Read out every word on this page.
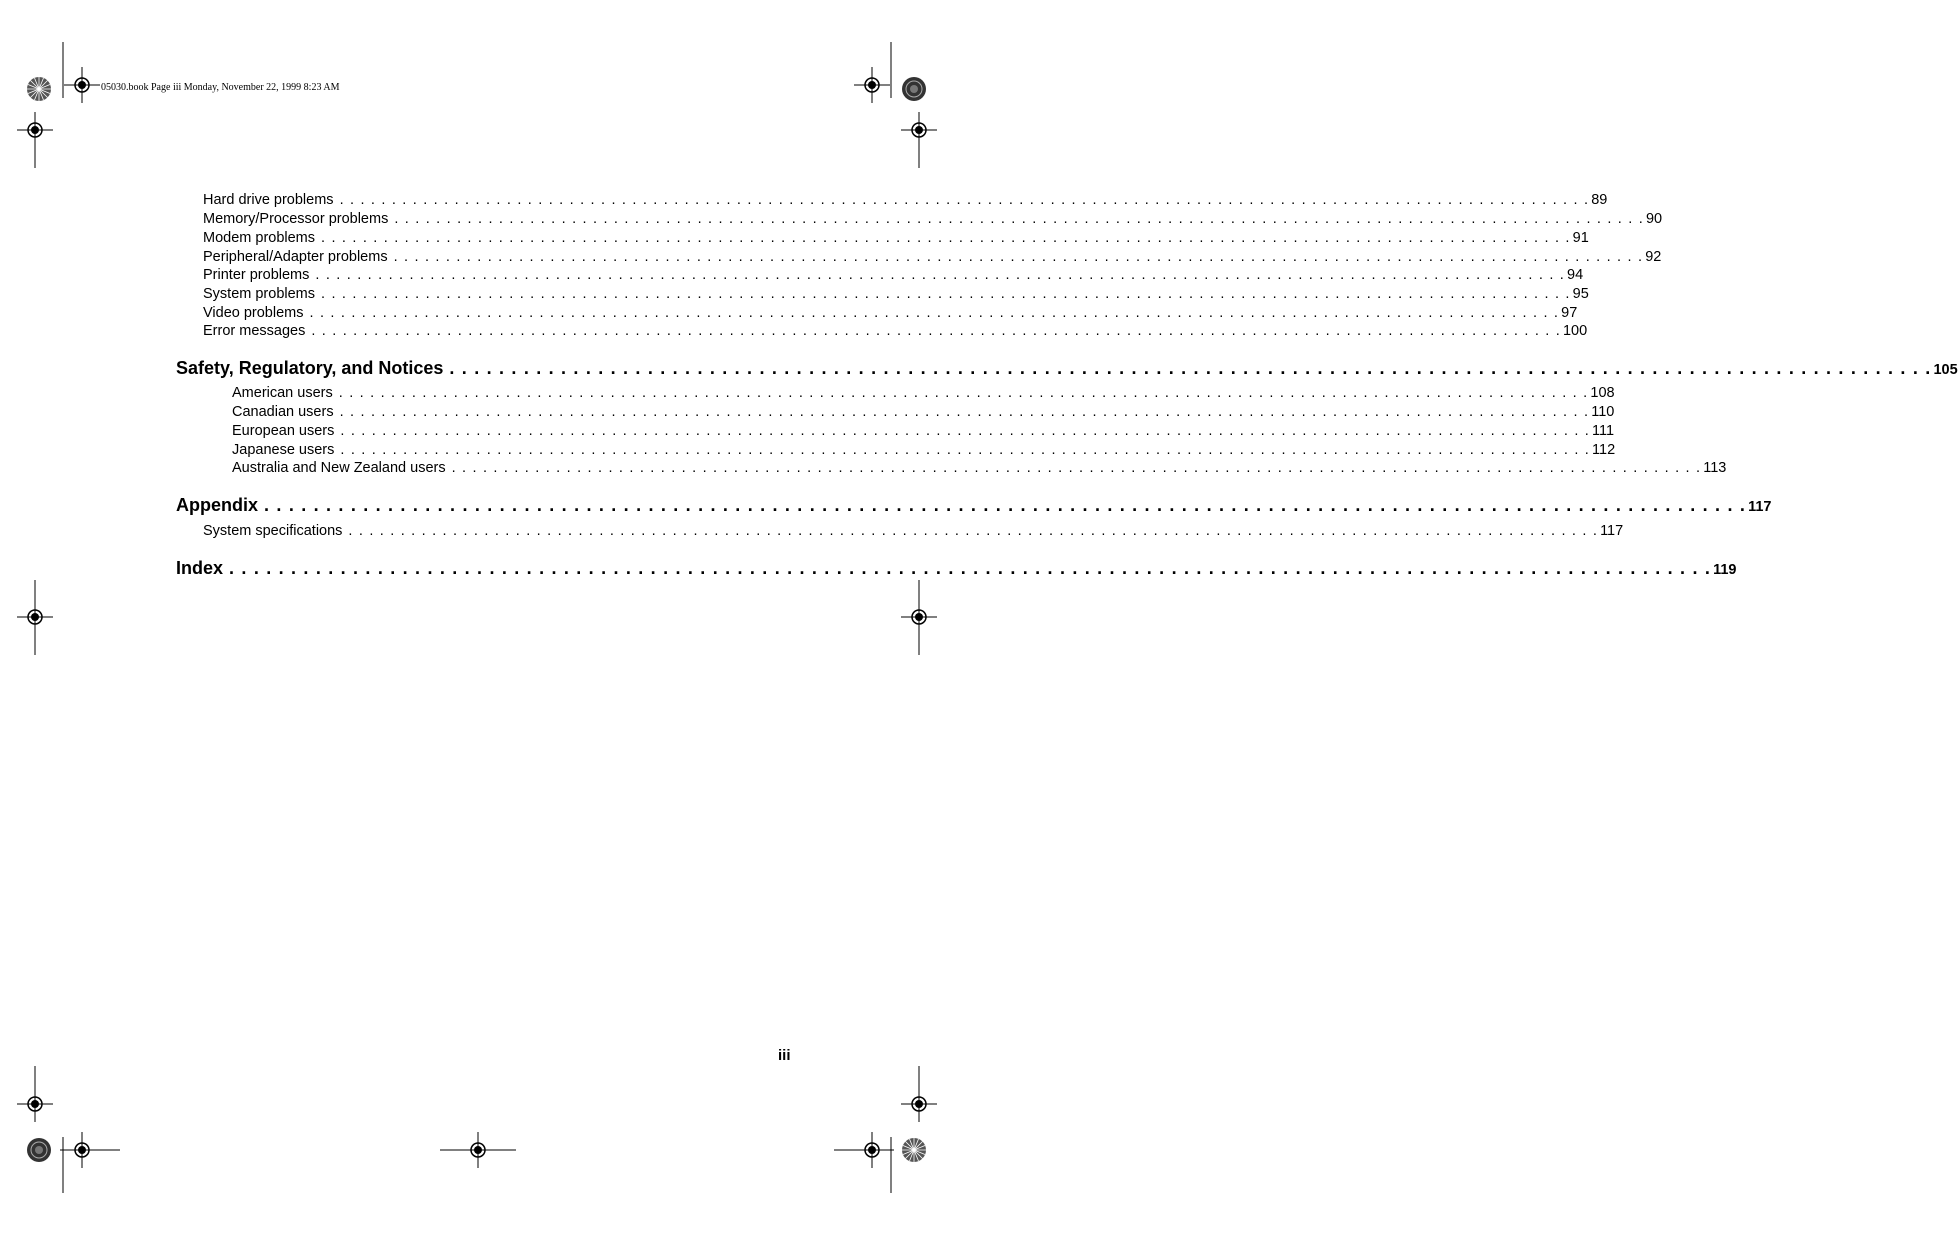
05030.book Page iii Monday, November 22, 1999 8:23 AM
Hard drive problems . . . . . . . . . . . . . . . . . . . . . . . . . . . . . . . . . . . . . . . . . . . . . . . . . . . . . . . . . . . . . . . . . . . . . . . . . . . . . . . . . . . . . . . . . . . . . . . . . . . . . . . . . . . . . . . . . . . . . . . . 89
Memory/Processor problems . . . . . . . . . . . . . . . . . . . . . . . . . . . . . . . . . . . . . . . . . . . . . . . . . . . . . . . . . . . . . . . . . . . . . . . . . . . . . . . . . . . . . . . . . . . . . . . . . . . . . . . . . . . . . . . . . . . . . . . . 90
Modem problems . . . . . . . . . . . . . . . . . . . . . . . . . . . . . . . . . . . . . . . . . . . . . . . . . . . . . . . . . . . . . . . . . . . . . . . . . . . . . . . . . . . . . . . . . . . . . . . . . . . . . . . . . . . . . . . . . . . . . . . . 91
Peripheral/Adapter problems . . . . . . . . . . . . . . . . . . . . . . . . . . . . . . . . . . . . . . . . . . . . . . . . . . . . . . . . . . . . . . . . . . . . . . . . . . . . . . . . . . . . . . . . . . . . . . . . . . . . . . . . . . . . . . . . . . . . . . . . 92
Printer problems . . . . . . . . . . . . . . . . . . . . . . . . . . . . . . . . . . . . . . . . . . . . . . . . . . . . . . . . . . . . . . . . . . . . . . . . . . . . . . . . . . . . . . . . . . . . . . . . . . . . . . . . . . . . . . . . . . . . . . . . 94
System problems . . . . . . . . . . . . . . . . . . . . . . . . . . . . . . . . . . . . . . . . . . . . . . . . . . . . . . . . . . . . . . . . . . . . . . . . . . . . . . . . . . . . . . . . . . . . . . . . . . . . . . . . . . . . . . . . . . . . . . . . 95
Video problems . . . . . . . . . . . . . . . . . . . . . . . . . . . . . . . . . . . . . . . . . . . . . . . . . . . . . . . . . . . . . . . . . . . . . . . . . . . . . . . . . . . . . . . . . . . . . . . . . . . . . . . . . . . . . . . . . . . . . . . . 97
Error messages . . . . . . . . . . . . . . . . . . . . . . . . . . . . . . . . . . . . . . . . . . . . . . . . . . . . . . . . . . . . . . . . . . . . . . . . . . . . . . . . . . . . . . . . . . . . . . . . . . . . . . . . . . . . . . . . . . . . . . . . 100
Safety, Regulatory, and Notices . . . . . . . . . . . . . . . . . . . . . . . . . . . . . . . . . . . . . . . . . . . . . . . . . . . . . . . . . . . . . . . . . . . . . . . . . . . . . . . . . . . . . . . . . . . . . . . . . . . . . . . . . . . . . . . . . . . . . . . . 105
American users . . . . . . . . . . . . . . . . . . . . . . . . . . . . . . . . . . . . . . . . . . . . . . . . . . . . . . . . . . . . . . . . . . . . . . . . . . . . . . . . . . . . . . . . . . . . . . . . . . . . . . . . . . . . . . . . . . . . . . . . 108
Canadian users . . . . . . . . . . . . . . . . . . . . . . . . . . . . . . . . . . . . . . . . . . . . . . . . . . . . . . . . . . . . . . . . . . . . . . . . . . . . . . . . . . . . . . . . . . . . . . . . . . . . . . . . . . . . . . . . . . . . . . . . 110
European users . . . . . . . . . . . . . . . . . . . . . . . . . . . . . . . . . . . . . . . . . . . . . . . . . . . . . . . . . . . . . . . . . . . . . . . . . . . . . . . . . . . . . . . . . . . . . . . . . . . . . . . . . . . . . . . . . . . . . . . . 111
Japanese users . . . . . . . . . . . . . . . . . . . . . . . . . . . . . . . . . . . . . . . . . . . . . . . . . . . . . . . . . . . . . . . . . . . . . . . . . . . . . . . . . . . . . . . . . . . . . . . . . . . . . . . . . . . . . . . . . . . . . . . . 112
Australia and New Zealand users . . . . . . . . . . . . . . . . . . . . . . . . . . . . . . . . . . . . . . . . . . . . . . . . . . . . . . . . . . . . . . . . . . . . . . . . . . . . . . . . . . . . . . . . . . . . . . . . . . . . . . . . . . . . . . . . . . . . . . . . 113
Appendix . . . . . . . . . . . . . . . . . . . . . . . . . . . . . . . . . . . . . . . . . . . . . . . . . . . . . . . . . . . . . . . . . . . . . . . . . . . . . . . . . . . . . . . . . . . . . . . . . . . . . . . . . . . . . . . . . . . . . . . . 117
System specifications . . . . . . . . . . . . . . . . . . . . . . . . . . . . . . . . . . . . . . . . . . . . . . . . . . . . . . . . . . . . . . . . . . . . . . . . . . . . . . . . . . . . . . . . . . . . . . . . . . . . . . . . . . . . . . . . . . . . . . . . 117
Index . . . . . . . . . . . . . . . . . . . . . . . . . . . . . . . . . . . . . . . . . . . . . . . . . . . . . . . . . . . . . . . . . . . . . . . . . . . . . . . . . . . . . . . . . . . . . . . . . . . . . . . . . . . . . . . . . . . . . . . . 119
iii
